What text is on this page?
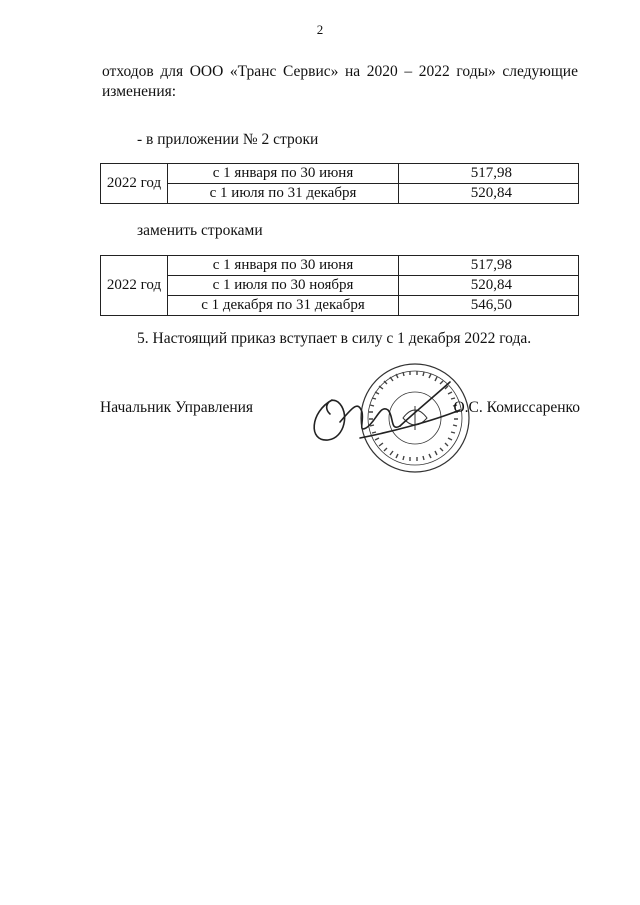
2
отходов для ООО «Транс Сервис» на 2020 – 2022 годы» следующие
изменения:
- в приложении № 2 строки
2022 год	с 1 января по 30 июня	517,98
	с 1 июля по 31 декабря	520,84
заменить строками
2022 год	с 1 января по 30 июня	517,98
	с 1 июля по 30 ноября	520,84
	с 1 декабря по 31 декабря	546,50
5. Настоящий приказ вступает в силу с 1 декабря 2022 года.
Начальник Управления	О.С. Комиссаренко
